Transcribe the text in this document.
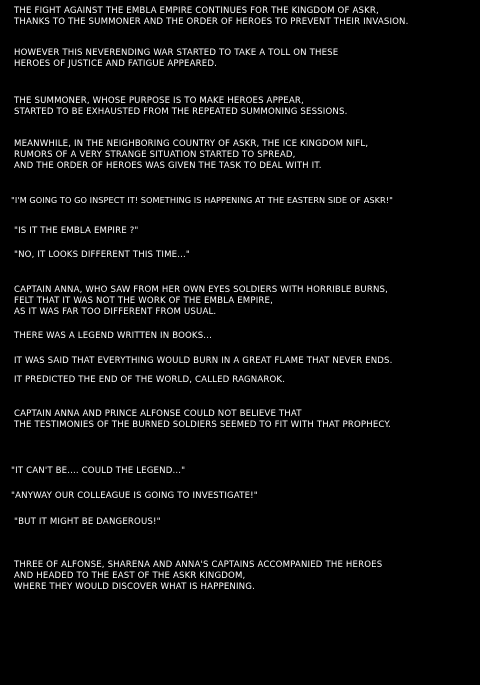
THE FIGHT AGAINST THE EMBLA EMPIRE CONTINUES FOR THE KINGDOM OF ASKR,
THANKS TO THE SUMMONER AND THE ORDER OF HEROES TO PREVENT THEIR INVASION.

HOWEVER THIS NEVERENDING WAR STARTED TO TAKE A TOLL ON THESE
HEROES OF JUSTICE AND FATIGUE APPEARED.

THE SUMMONER, WHOSE PURPOSE IS TO MAKE HEROES APPEAR,
STARTED TO BE EXHAUSTED FROM THE REPEATED SUMMONING SESSIONS.

MEANWHILE, IN THE NEIGHBORING COUNTRY OF ASKR, THE ICE KINGDOM NIFL,
RUMORS OF A VERY STRANGE SITUATION STARTED TO SPREAD,
AND THE ORDER OF HEROES WAS GIVEN THE TASK TO DEAL WITH IT.

"I'M GOING TO GO INSPECT IT! SOMETHING IS HAPPENING AT THE EASTERN SIDE OF ASKR!"

"IS IT THE EMBLA EMPIRE ?"

"NO, IT LOOKS DIFFERENT THIS TIME..."

CAPTAIN ANNA, WHO SAW FROM HER OWN EYES SOLDIERS WITH HORRIBLE BURNS,
FELT THAT IT WAS NOT THE WORK OF THE EMBLA EMPIRE,
AS IT WAS FAR TOO DIFFERENT FROM USUAL.

THERE WAS A LEGEND WRITTEN IN BOOKS...

IT WAS SAID THAT EVERYTHING WOULD BURN IN A GREAT FLAME THAT NEVER ENDS.

IT PREDICTED THE END OF THE WORLD, CALLED RAGNAROK.

CAPTAIN ANNA AND PRINCE ALFONSE COULD NOT BELIEVE THAT
THE TESTIMONIES OF THE BURNED SOLDIERS SEEMED TO FIT WITH THAT PROPHECY.

"IT CAN'T BE.... COULD THE LEGEND..."

"ANYWAY OUR COLLEAGUE IS GOING TO INVESTIGATE!"

"BUT IT MIGHT BE DANGEROUS!"

THREE OF ALFONSE, SHARENA AND ANNA'S CAPTAINS ACCOMPANIED THE HEROES
AND HEADED TO THE EAST OF THE ASKR KINGDOM,
WHERE THEY WOULD DISCOVER WHAT IS HAPPENING.
